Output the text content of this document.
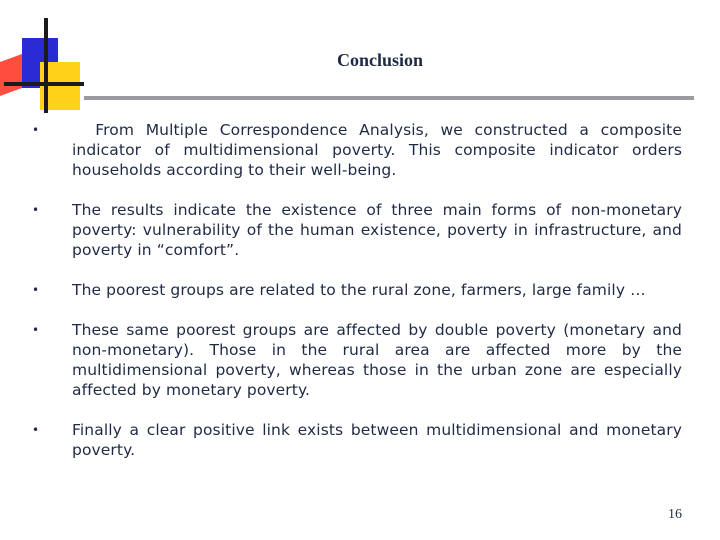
Conclusion
•	From Multiple Correspondence Analysis, we constructed a composite indicator of multidimensional poverty. This composite indicator orders households according to their well-being.
•	The results indicate the existence of three main forms of non-monetary poverty: vulnerability of the human existence, poverty in infrastructure, and poverty in “comfort”.
•	The poorest groups are related to the rural zone, farmers, large family …
•	These same poorest groups are affected by double poverty (monetary and non-monetary). Those in the rural area are affected more by the multidimensional poverty, whereas those in the urban zone are especially affected by monetary poverty.
•	Finally a clear positive link exists between multidimensional and monetary poverty.
16
